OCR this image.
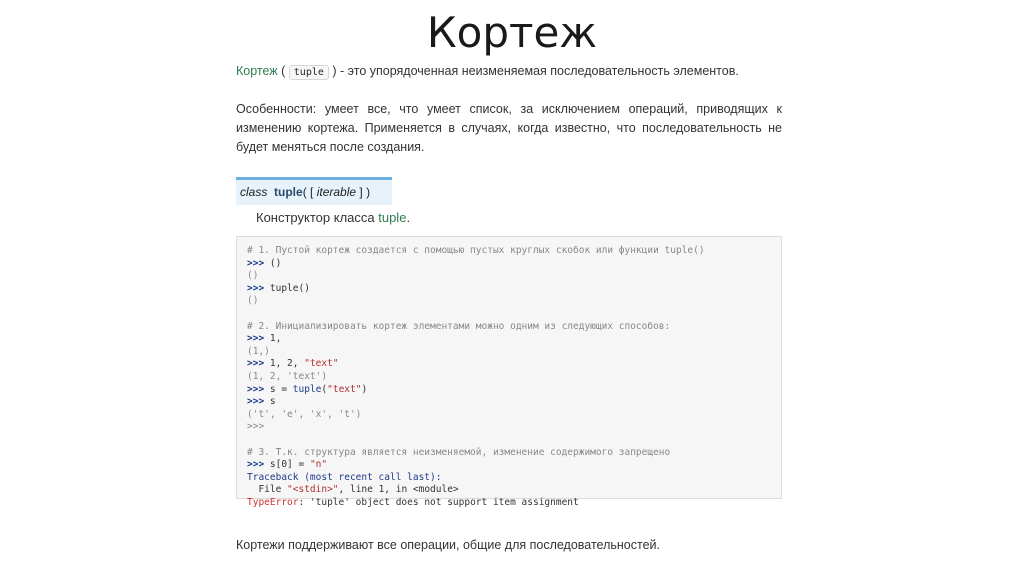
Кортеж

Кортеж ( tuple ) - это упорядоченная неизменяемая последовательность элементов.

Особенности: умеет все, что умеет список, за исключением операций, приводящих к изменению кортежа. Применяется в случаях, когда известно, что последовательность не будет меняться после создания.

class tuple( [ iterable ] )
Конструктор класса tuple.
# 1. Пустой кортеж создается с помощью пустых круглых скобок или функции tuple()
>>> ()
()
>>> tuple()
()
# 2. Инициализировать кортеж элементами можно одним из следующих способов:
>>> 1,
(1,)
>>> 1, 2, "text"
(1, 2, 'text')
>>> s = tuple("text")
>>> s
('t', 'e', 'x', 't')
>>>
# 3. Т.к. структура является неизменяемой, изменение содержимого запрещено
>>> s[0] = "n"
Traceback (most recent call last):
File "<stdin>", line 1, in <module>
TypeError: 'tuple' object does not support item assignment
Кортежи поддерживают все операции, общие для последовательностей.
